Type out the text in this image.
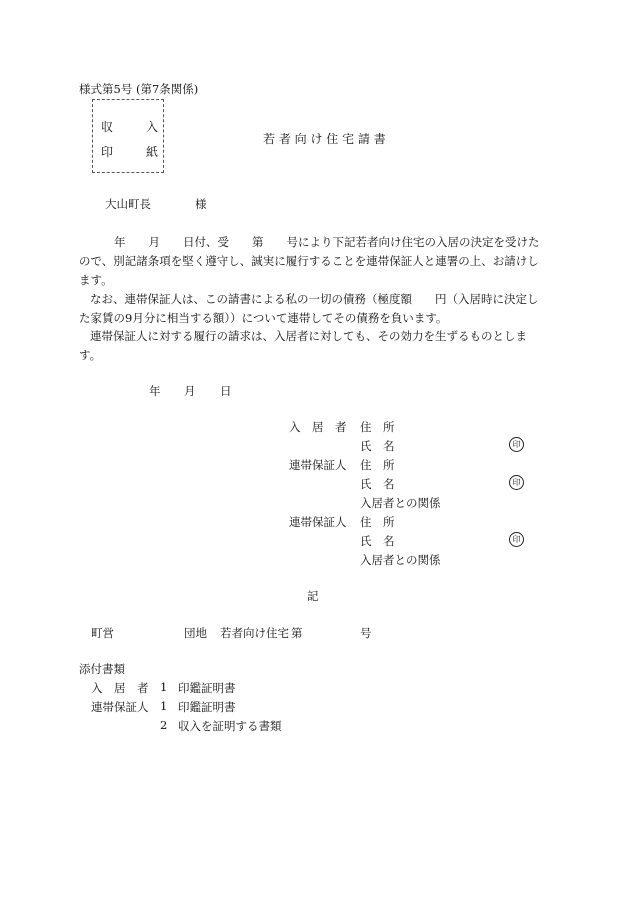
様式第5号 (第7条関係)
収	入
印	紙
若 者 向 け 住 宅 請 書
大山町長	様
年　　月　　日付、受　　第　　号により下記若者向け住宅の入居の決定を受けた
ので、別記諸条項を堅く遵守し、誠実に履行することを連帯保証人と連署の上、お請けし
ます。
なお、連帯保証人は、この請書による私の一切の債務（極度額　　円（入居時に決定し
た家賃の9月分に相当する額））について連帯してその債務を負います。
連帯保証人に対する履行の請求は、入居者に対しても、その効力を生ずるものとしま
す。
年 月 日
入　居　者 住　所
氏　名	印
連帯保証人 住　所
氏　名	印
入居者との関係
連帯保証人 住　所
氏　名	印
入居者との関係
記
町営	団地 若者向け住宅 第	号
添付書類
入　居　者 1 印鑑証明書
連帯保証人 1 印鑑証明書
2 収入を証明する書類
